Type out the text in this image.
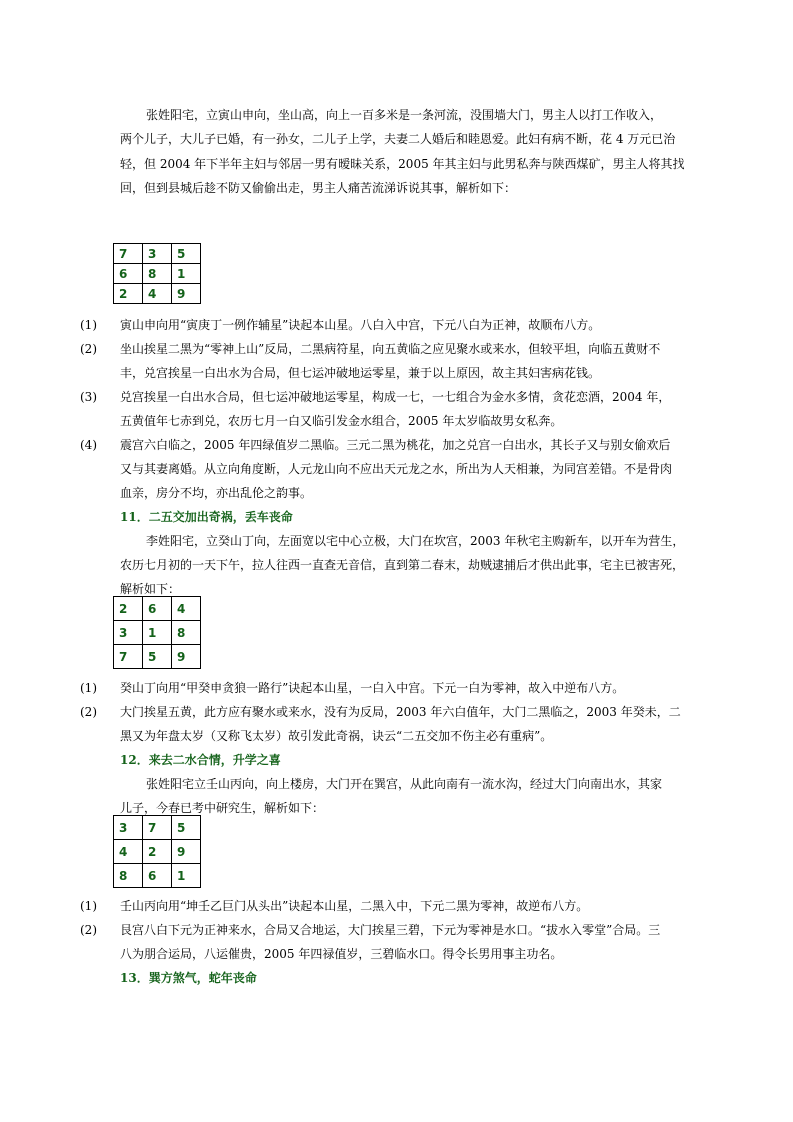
张姓阳宅，立寅山申向，坐山高，向上一百多米是一条河流，没围墙大门，男主人以打工作收入，
两个儿子，大儿子已婚，有一孙女，二儿子上学，夫妻二人婚后和睦恩爱。此妇有病不断，花 4 万元已治
轻，但 2004 年下半年主妇与邻居一男有暧昧关系，2005 年其主妇与此男私奔与陕西煤矿，男主人将其找
回，但到县城后趁不防又偷偷出走，男主人痛苦流涕诉说其事，解析如下：
7	3	5
6	8	1
2	4	9
(1) 寅山申向用“寅庚丁一例作辅星”诀起本山星。八白入中宫，下元八白为正神，故顺布八方。
(2) 坐山挨星二黑为“零神上山”反局，二黑病符星，向五黄临之应见聚水或来水，但较平坦，向临五黄财不
丰，兑宫挨星一白出水为合局，但七运冲破地运零星，兼于以上原因，故主其妇害病花钱。
(3) 兑宫挨星一白出水合局，但七运冲破地运零星，构成一七，一七组合为金水多情，贪花恋酒，2004 年，
五黄值年七赤到兑，农历七月一白又临引发金水组合，2005 年太岁临故男女私奔。
(4) 震宫六白临之，2005 年四绿值岁二黑临。三元二黑为桃花，加之兑宫一白出水，其长子又与别女偷欢后
又与其妻离婚。从立向角度断，人元龙山向不应出天元龙之水，所出为人天相兼，为同宫差错。不是骨肉
血亲，房分不均，亦出乱伦之韵事。
11．二五交加出奇祸，丢车丧命
李姓阳宅，立癸山丁向，左面宽以宅中心立极，大门在坎宫，2003 年秋宅主购新车，以开车为营生，
农历七月初的一天下午，拉人往西一直查无音信，直到第二春末，劫贼逮捕后才供出此事，宅主已被害死，
解析如下：
2	6	4
3	1	8
7	5	9
(1) 癸山丁向用“甲癸申贪狼一路行”诀起本山星，一白入中宫。下元一白为零神，故入中逆布八方。
(2) 大门挨星五黄，此方应有聚水或来水，没有为反局，2003 年六白值年，大门二黑临之，2003 年癸未，二
黑又为年盘太岁（又称飞太岁）故引发此奇祸，诀云“二五交加不伤主必有重病”。
12．来去二水合情，升学之喜
张姓阳宅立壬山丙向，向上楼房，大门开在巽宫，从此向南有一流水沟，经过大门向南出水，其家
儿子，今春已考中研究生，解析如下：
3	7	5
4	2	9
8	6	1
(1) 壬山丙向用“坤壬乙巨门从头出”诀起本山星，二黑入中，下元二黑为零神，故逆布八方。
(2) 艮宫八白下元为正神来水，合局又合地运，大门挨星三碧，下元为零神是水口。“拔水入零堂”合局。三
八为朋合运局，八运催贵，2005 年四禄值岁，三碧临水口。得令长男用事主功名。
13．巽方煞气，蛇年丧命
